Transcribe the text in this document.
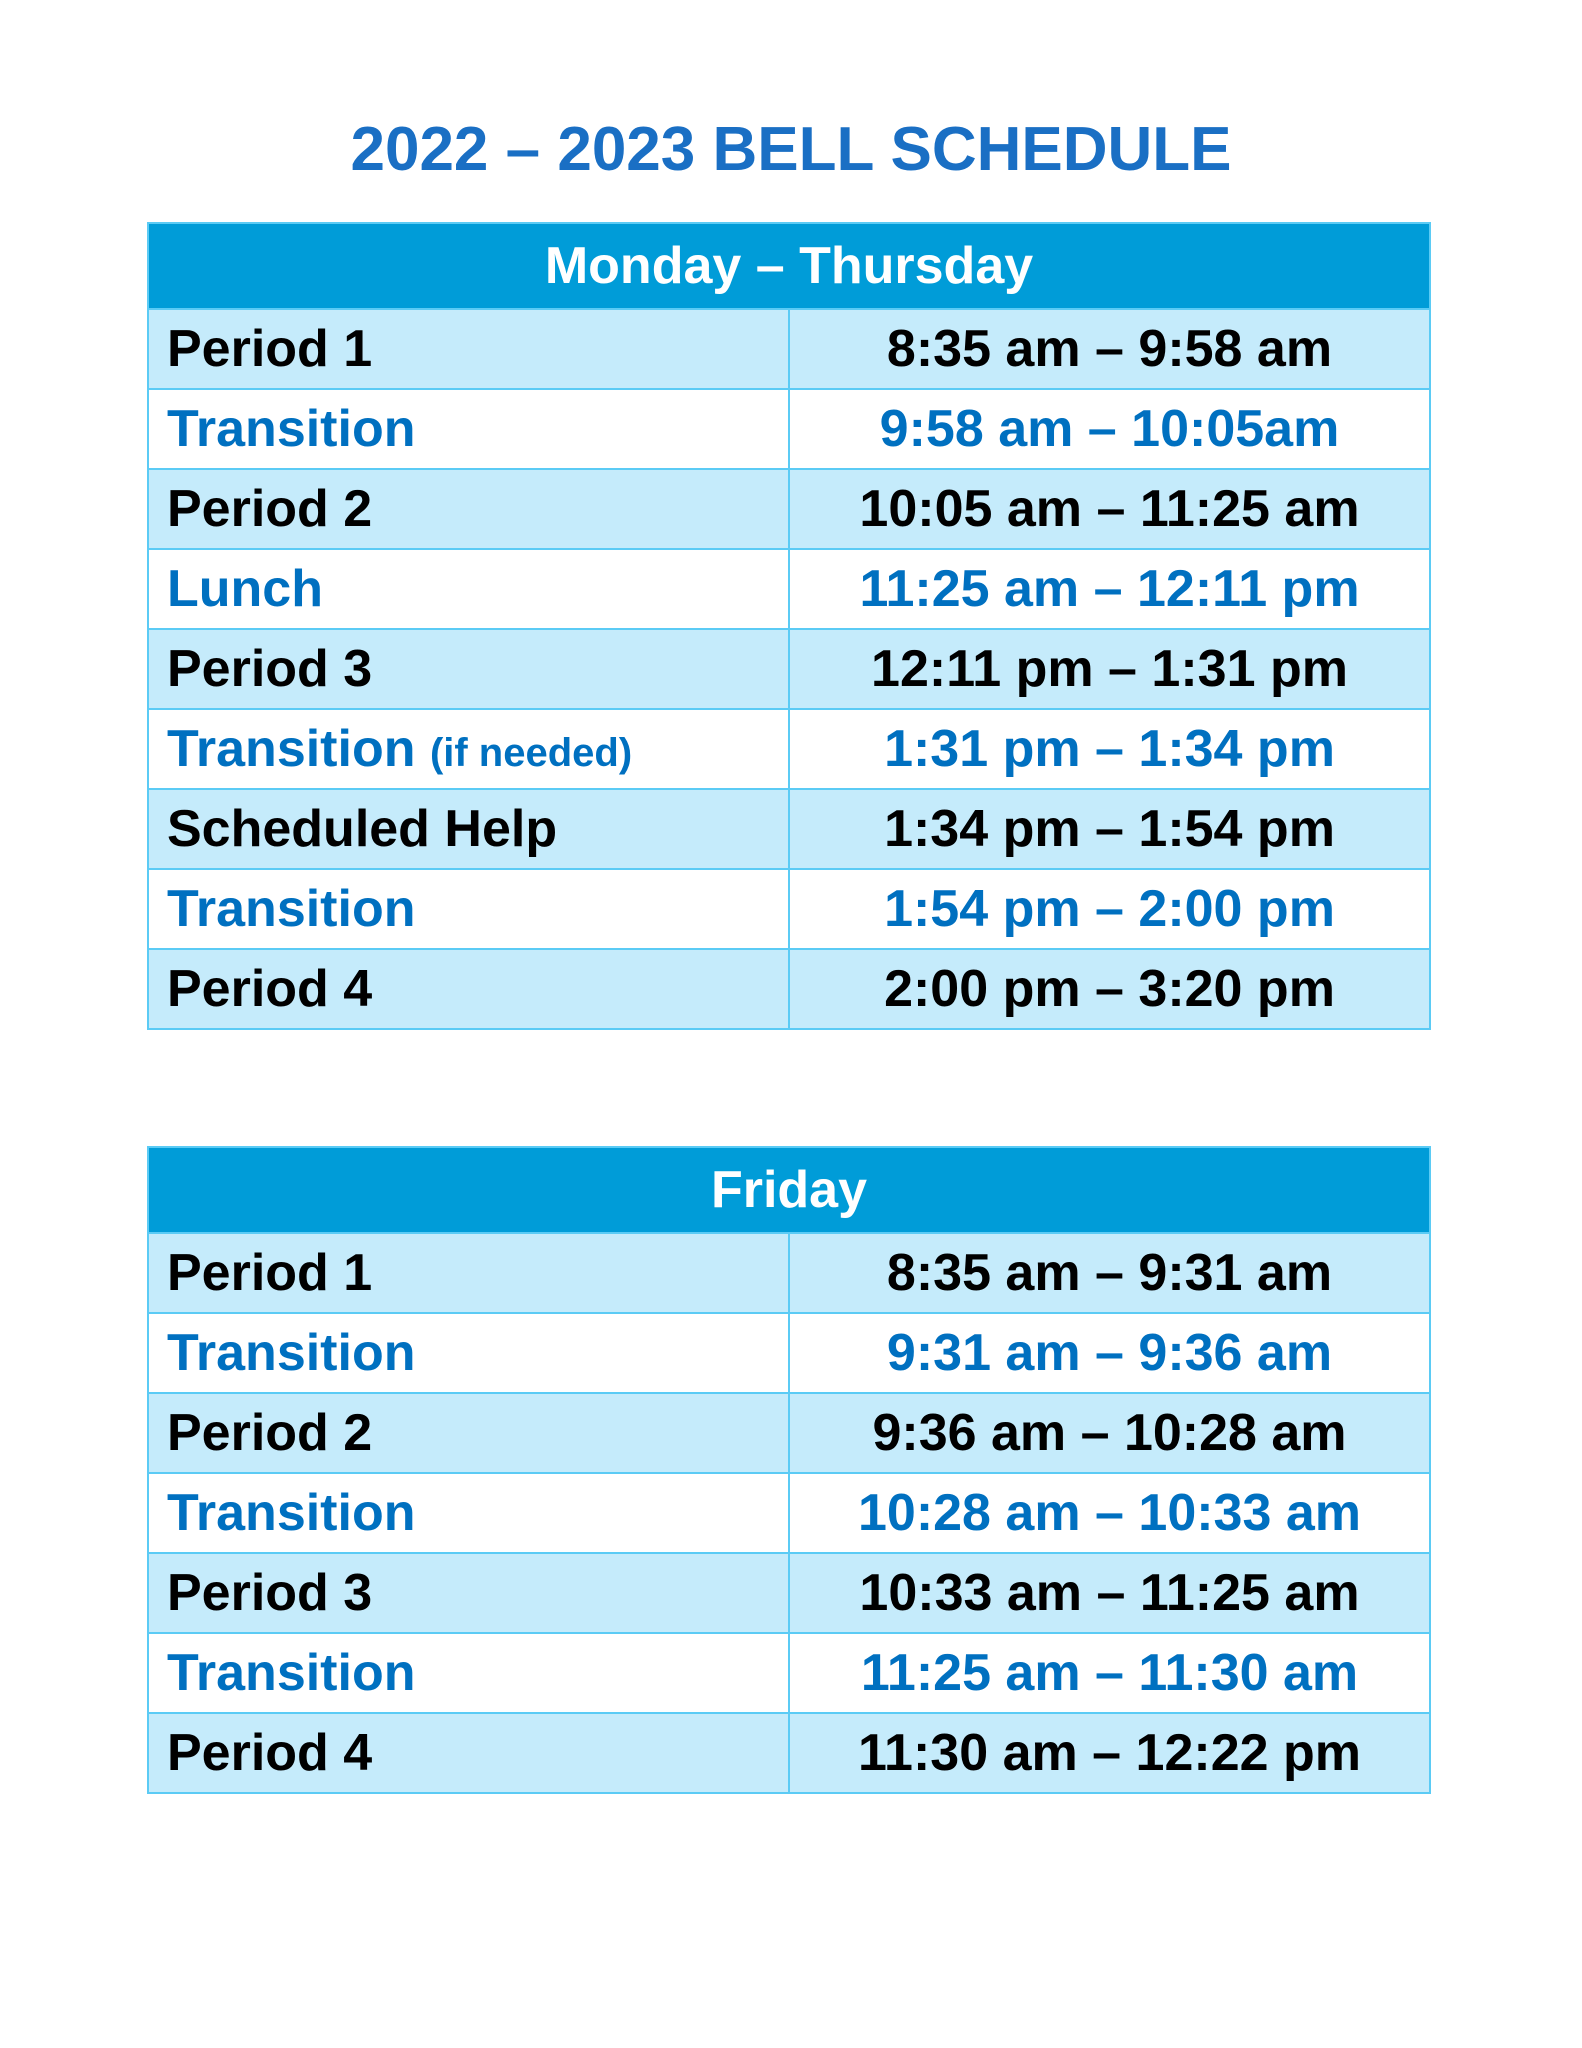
2022 – 2023 BELL SCHEDULE
Monday – Thursday	
Period 1	8:35 am – 9:58 am
Transition	9:58 am – 10:05am
Period 2	10:05 am – 11:25 am
Lunch	11:25 am – 12:11 pm
Period 3	12:11 pm – 1:31 pm
Transition (if needed)	1:31 pm – 1:34 pm
Scheduled Help	1:34 pm – 1:54 pm
Transition	1:54 pm – 2:00 pm
Period 4	2:00 pm – 3:20 pm
Friday	
Period 1	8:35 am – 9:31 am
Transition	9:31 am – 9:36 am
Period 2	9:36 am – 10:28 am
Transition	10:28 am – 10:33 am
Period 3	10:33 am – 11:25 am
Transition	11:25 am – 11:30 am
Period 4	11:30 am – 12:22 pm
